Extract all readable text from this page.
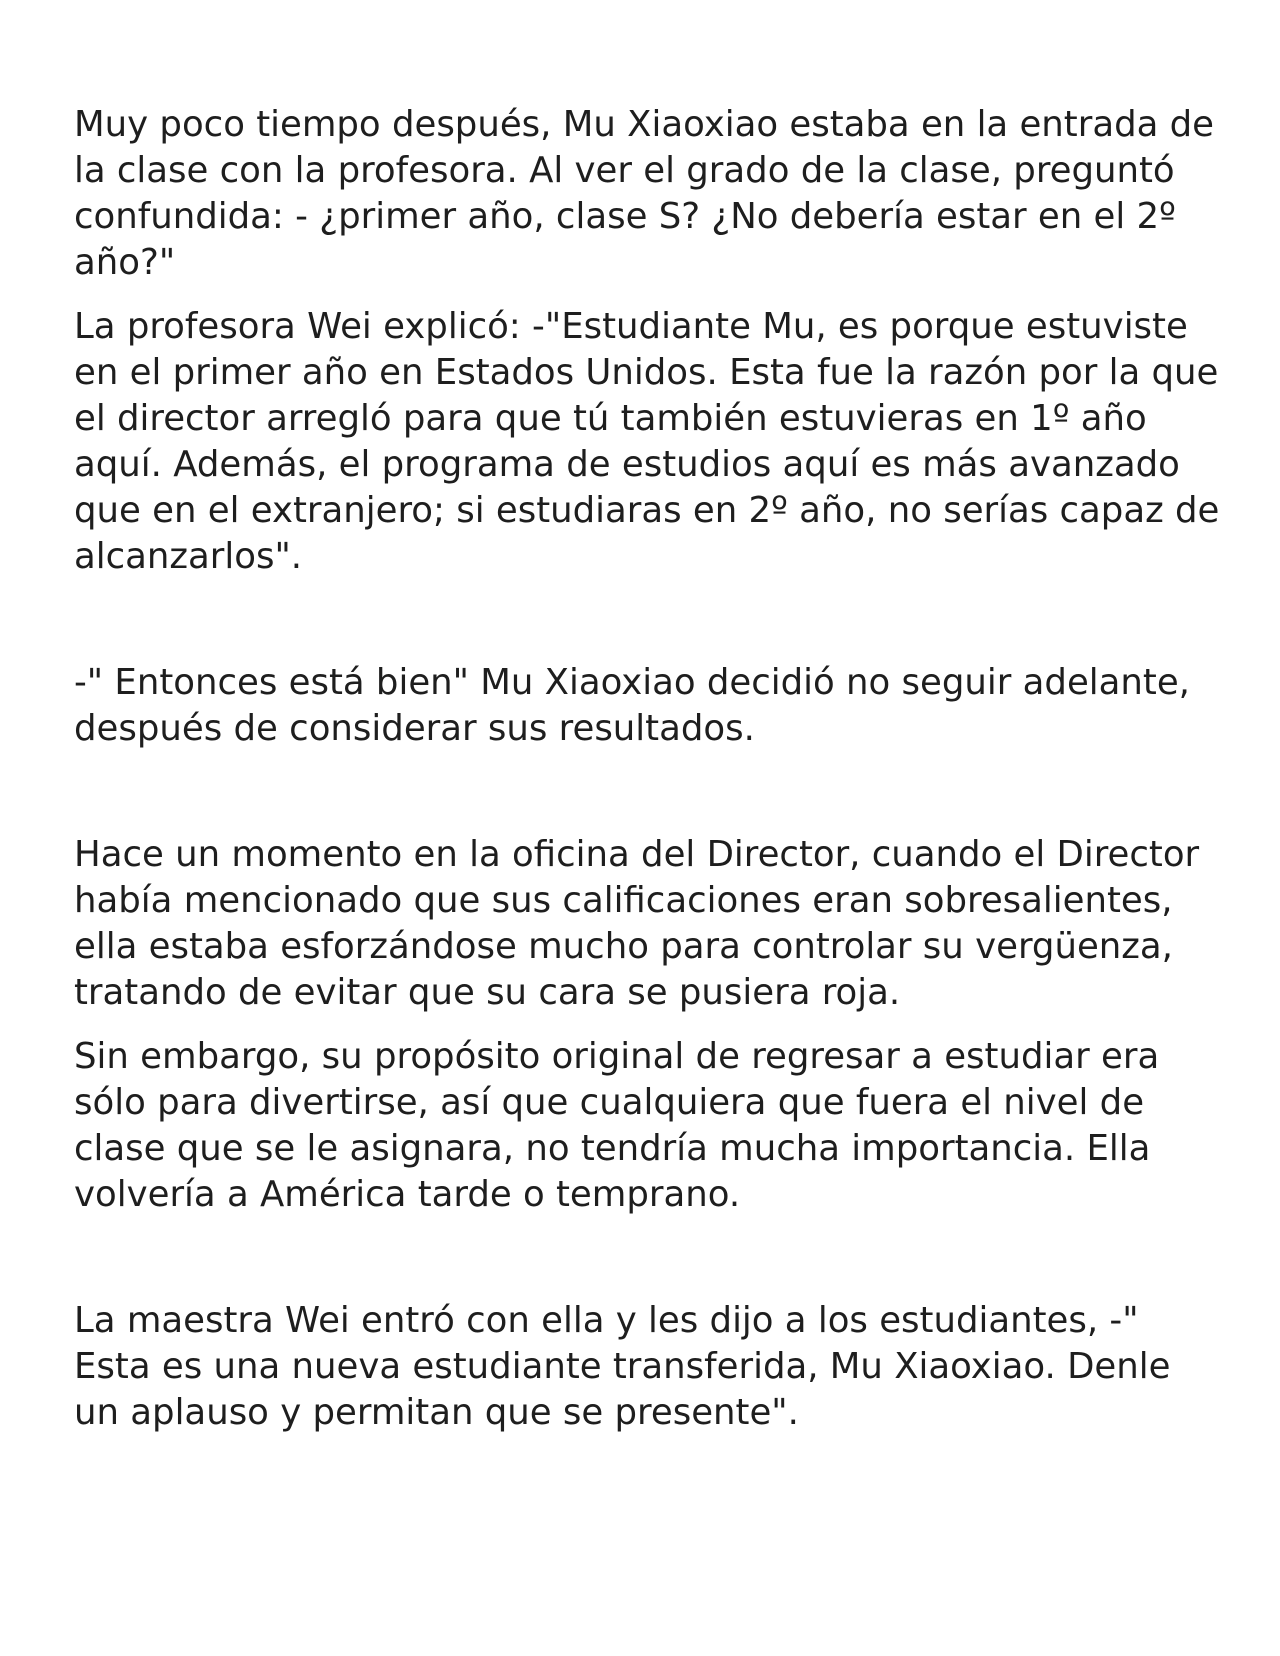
Muy poco tiempo después, Mu Xiaoxiao estaba en la entrada de la clase con la profesora. Al ver el grado de la clase, preguntó confundida: - ¿primer año, clase S? ¿No debería estar en el 2º año?"

La profesora Wei explicó: -"Estudiante Mu, es porque estuviste en el primer año en Estados Unidos. Esta fue la razón por la que el director arregló para que tú también estuvieras en 1º año aquí. Además, el programa de estudios aquí es más avanzado que en el extranjero; si estudiaras en 2º año, no serías capaz de alcanzarlos".

-" Entonces está bien" Mu Xiaoxiao decidió no seguir adelante, después de considerar sus resultados.

Hace un momento en la oficina del Director, cuando el Director había mencionado que sus calificaciones eran sobresalientes, ella estaba esforzándose mucho para controlar su vergüenza, tratando de evitar que su cara se pusiera roja.

Sin embargo, su propósito original de regresar a estudiar era sólo para divertirse, así que cualquiera que fuera el nivel de clase que se le asignara, no tendría mucha importancia. Ella volvería a América tarde o temprano.

La maestra Wei entró con ella y les dijo a los estudiantes, -" Esta es una nueva estudiante transferida, Mu Xiaoxiao. Denle un aplauso y permitan que se presente".
